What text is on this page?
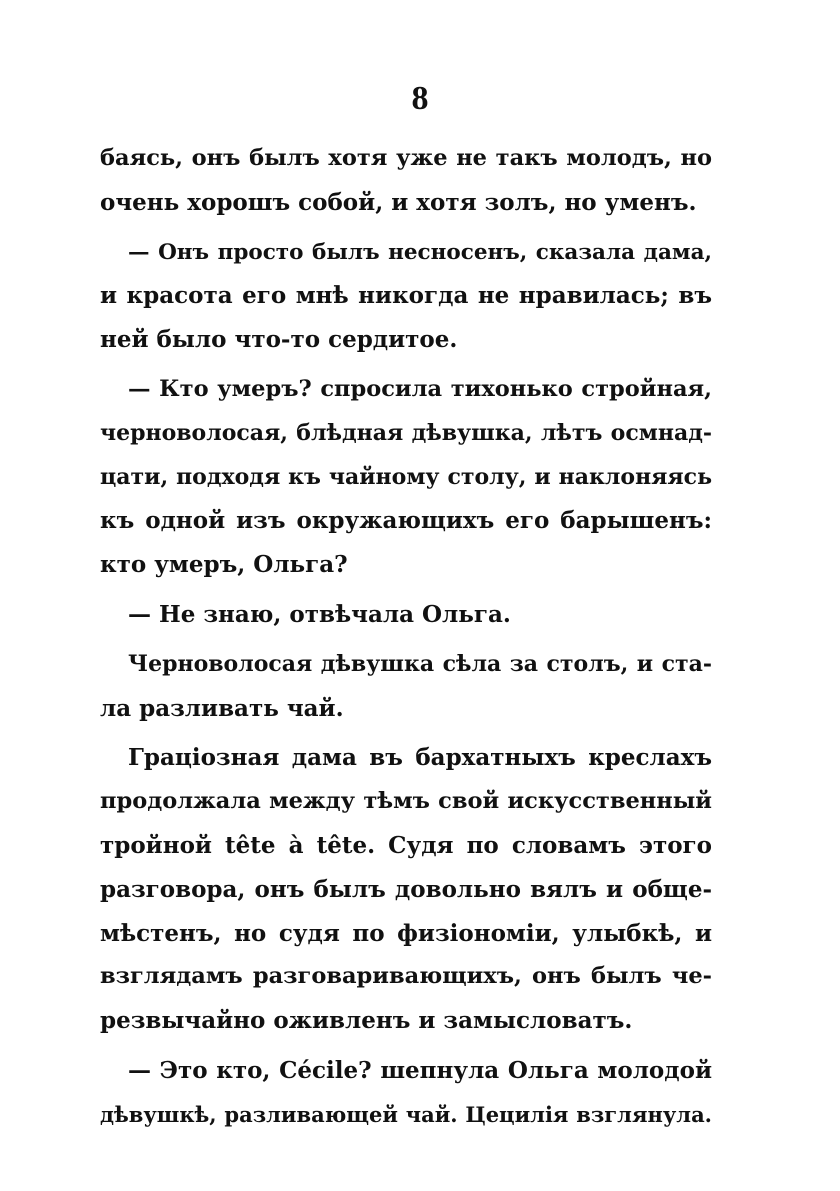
8
баясь, онъ былъ хотя уже не такъ молодъ, но
очень хорошъ собой, и хотя золъ, но уменъ.
— Онъ просто былъ несносенъ, сказала дама,
и красота его мнѣ никогда не нравилась; въ
ней было что-то сердитое.
— Кто умеръ? спросила тихонько стройная,
черноволосая, блѣдная дѣвушка, лѣтъ осмнад-
цати, подходя къ чайному столу, и наклоняясь
къ одной изъ окружающихъ его барышенъ:
кто умеръ, Ольга?
— Не знаю, отвѣчала Ольга.
Черноволосая дѣвушка сѣла за столъ, и ста-
ла разливать чай.
Граціозная дама въ бархатныхъ креслахъ
продолжала между тѣмъ свой искусственный
тройной tête à tête. Судя по словамъ этого
разговора, онъ былъ довольно вялъ и обще-
мѣстенъ, но судя по физіономіи, улыбкѣ, и
взглядамъ разговаривающихъ, онъ былъ че-
резвычайно оживленъ и замысловатъ.
— Это кто, Cécile? шепнула Ольга молодой
дѣвушкѣ, разливающей чай. Цецилія взглянула.
